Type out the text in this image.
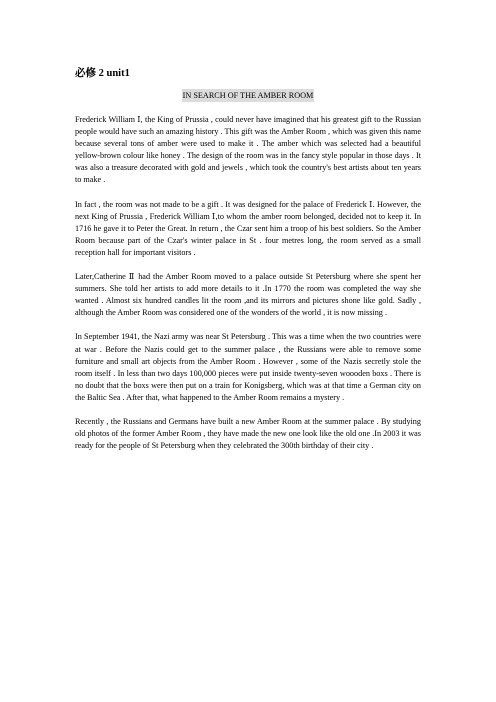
必修 2 unit1
IN SEARCH OF THE AMBER ROOM

Frederick William Ⅰ, the King of Prussia , could never have imagined that his greatest gift to the Russian people would have such an amazing history . This gift was the Amber Room , which was given this name because several tons of amber were used to make it . The amber which was selected had a beautiful yellow-brown colour like honey . The design of the room was in the fancy style popular in those days . It was also a treasure decorated with gold and jewels , which took the country's best artists about ten years to make .

In fact , the room was not made to be a gift . It was designed for the palace of Frederick Ⅰ. However, the next King of Prussia , Frederick William Ⅰ,to whom the amber room belonged, decided not to keep it. In 1716 he gave it to Peter the Great. In return , the Czar sent him a troop of his best soldiers. So the Amber Room because part of the Czar's winter palace in St . four metres long, the room served as a small reception hall for important visitors .

Later,Catherine Ⅱ had the Amber Room moved to a palace outside St Petersburg where she spent her summers. She told her artists to add more details to it .In 1770 the room was completed the way she wanted . Almost six hundred candles lit the room ,and its mirrors and pictures shone like gold. Sadly , although the Amber Room was considered one of the wonders of the world , it is now missing .

In September 1941, the Nazi army was near St Petersburg . This was a time when the two countries were at war . Before the Nazis could get to the summer palace , the Russians were able to remove some furniture and small art objects from the Amber Room . However , some of the Nazis secretly stole the room itself . In less than two days 100,000 pieces were put inside twenty-seven woooden boxs . There is no doubt that the boxs were then put on a train for Konigsberg, which was at that time a German city on the Baltic Sea . After that, what happened to the Amber Room remains a mystery .

Recently , the Russians and Germans have built a new Amber Room at the summer palace . By studying old photos of the former Amber Room , they have made the new one look like the old one .In 2003 it was ready for the people of St Petersburg when they celebrated the 300th birthday of their city .
